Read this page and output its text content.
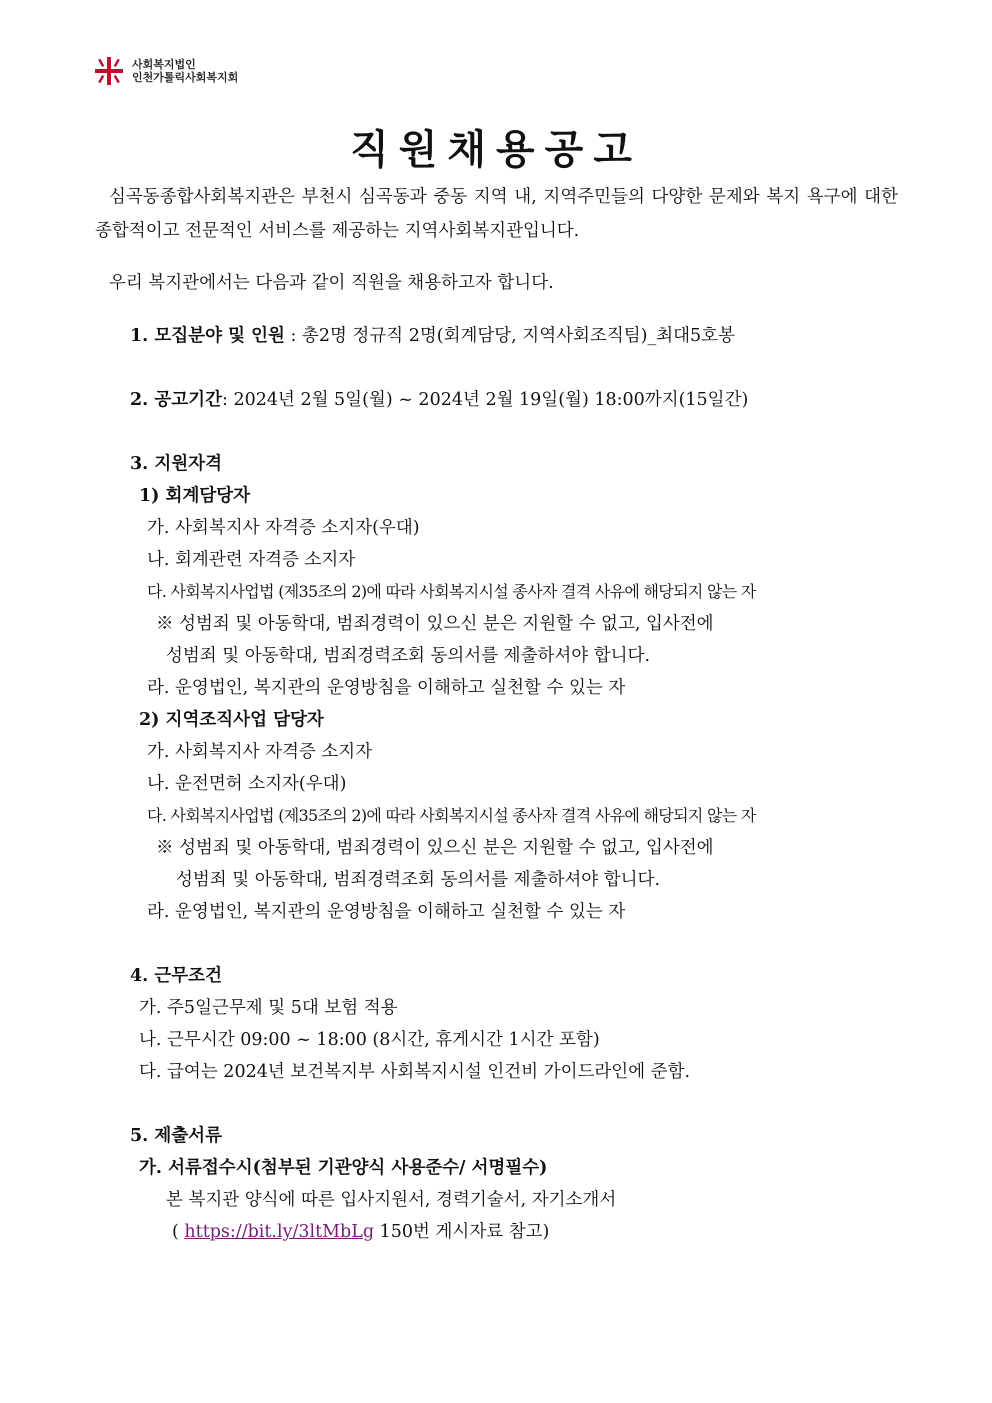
사회복지법인
인천가톨릭사회복지회
직원채용공고
심곡동종합사회복지관은 부천시 심곡동과 중동 지역 내, 지역주민들의 다양한 문제와 복지 욕구에 대한 종합적이고 전문적인 서비스를 제공하는 지역사회복지관입니다.
우리 복지관에서는 다음과 같이 직원을 채용하고자 합니다.
1. 모집분야 및 인원 : 총2명 정규직 2명(회계담당, 지역사회조직팀)_최대5호봉
2. 공고기간: 2024년 2월 5일(월) ~ 2024년 2월 19일(월) 18:00까지(15일간)
3. 지원자격
1) 회계담당자
가. 사회복지사 자격증 소지자(우대)
나. 회계관련 자격증 소지자
다. 사회복지사업법 (제35조의 2)에 따라 사회복지시설 종사자 결격 사유에 해당되지 않는 자
※ 성범죄 및 아동학대, 범죄경력이 있으신 분은 지원할 수 없고, 입사전에
성범죄 및 아동학대, 범죄경력조회 동의서를 제출하셔야 합니다.
라. 운영법인, 복지관의 운영방침을 이해하고 실천할 수 있는 자
2) 지역조직사업 담당자
가. 사회복지사 자격증 소지자
나. 운전면허 소지자(우대)
다. 사회복지사업법 (제35조의 2)에 따라 사회복지시설 종사자 결격 사유에 해당되지 않는 자
※ 성범죄 및 아동학대, 범죄경력이 있으신 분은 지원할 수 없고, 입사전에
성범죄 및 아동학대, 범죄경력조회 동의서를 제출하셔야 합니다.
라. 운영법인, 복지관의 운영방침을 이해하고 실천할 수 있는 자
4. 근무조건
가. 주5일근무제 및 5대 보험 적용
나. 근무시간 09:00 ~ 18:00 (8시간, 휴게시간 1시간 포함)
다. 급여는 2024년 보건복지부 사회복지시설 인건비 가이드라인에 준함.
5. 제출서류
가. 서류접수시(첨부된 기관양식 사용준수/ 서명필수)
본 복지관 양식에 따른 입사지원서, 경력기술서, 자기소개서
( https://bit.ly/3ltMbLg 150번 게시자료 참고)
